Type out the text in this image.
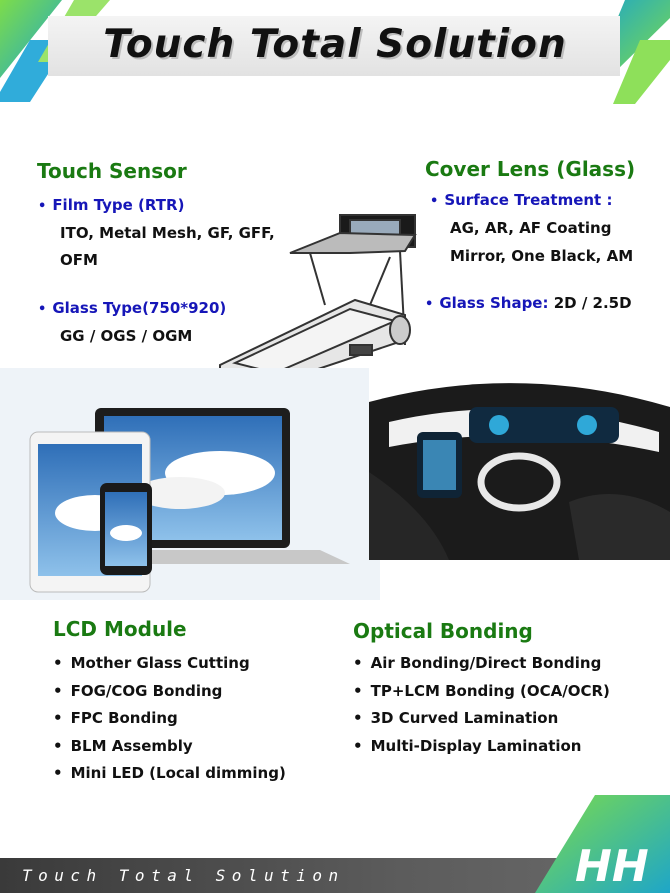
Touch Total Solution
Touch Sensor
• Film Type (RTR)
ITO, Metal Mesh, GF, GFF,
OFM
• Glass Type(750*920)
GG / OGS / OGM
Cover Lens (Glass)
• Surface Treatment :
AG, AR, AF Coating
Mirror, One Black, AM
• Glass Shape: 2D / 2.5D
LCD Module
• Mother Glass Cutting
• FOG/COG Bonding
• FPC Bonding
• BLM Assembly
• Mini LED (Local dimming)
Optical Bonding
• Air Bonding/Direct Bonding
• TP+LCM Bonding (OCA/OCR)
• 3D Curved Lamination
• Multi-Display Lamination
HH
Touch Total Solution
